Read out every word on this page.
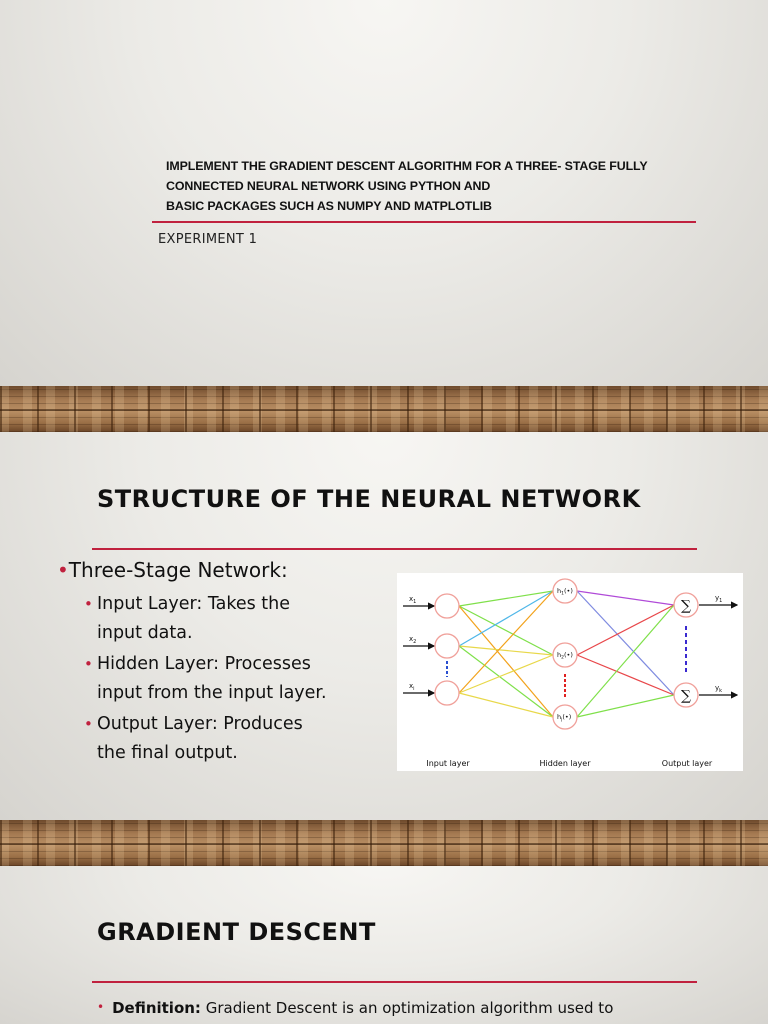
IMPLEMENT THE GRADIENT DESCENT ALGORITHM FOR A THREE- STAGE FULLY
CONNECTED NEURAL NETWORK USING PYTHON AND
BASIC PACKAGES SUCH AS NUMPY AND MATPLOTLIB
EXPERIMENT 1
STRUCTURE OF THE NEURAL NETWORK
•Three-Stage Network:
• Input Layer: Takes the
input data.
• Hidden Layer: Processes
input from the input layer.
• Output Layer: Produces
the final output.
$x_1$
$x_2$
$x_i$
$y_1$
$y_k$
$h_1(•)$
$h_2(•)$
$h_j(•)$
∑
∑
Input layer	Hidden layer	Output layer
GRADIENT DESCENT
• Definition: Gradient Descent is an optimization algorithm used to
